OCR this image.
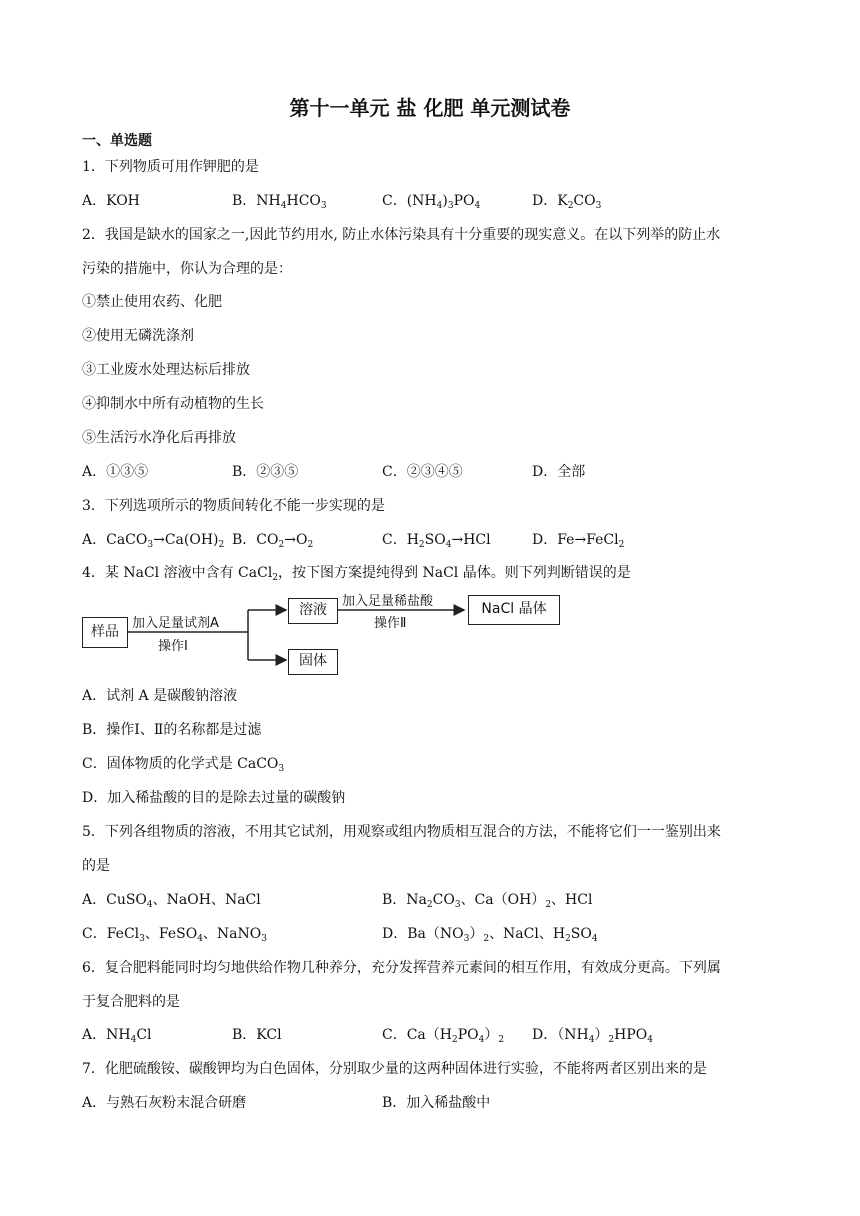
第十一单元 盐 化肥 单元测试卷
一、单选题
1．下列物质可用作钾肥的是
A．KOH	B．$NH_4HCO_3$	C．$(NH_4)_3PO_4$	D．$K_2CO_3$
2．我国是缺水的国家之一,因此节约用水, 防止水体污染具有十分重要的现实意义。在以下列举的防止水
污染的措施中，你认为合理的是：
①禁止使用农药、化肥
②使用无磷洗涤剂
③工业废水处理达标后排放
④抑制水中所有动植物的生长
⑤生活污水净化后再排放
A．①③⑤	B．②③⑤	C．②③④⑤	D．全部
3．下列选项所示的物质间转化不能一步实现的是
A．$CaCO_3\to Ca(OH)_2$ B．$CO_2\to O_2$	C．$H_2SO_4\to HCl$	D．Fe→FeCl$_2$
4．某 NaCl 溶液中含有 CaCl$_2$，按下图方案提纯得到 NaCl 晶体。则下列判断错误的是
样品
加入足量试剂A
操作Ⅰ
溶液
加入足量稀盐酸
操作Ⅱ
NaCl 晶体
固体
A．试剂 A 是碳酸钠溶液
B．操作Ⅰ、Ⅱ的名称都是过滤
C．固体物质的化学式是 CaCO$_3$
D．加入稀盐酸的目的是除去过量的碳酸钠
5．下列各组物质的溶液，不用其它试剂，用观察或组内物质相互混合的方法，不能将它们一一鉴别出来
的是
A．CuSO$_4$、NaOH、NaCl	B．$Na_2CO_3$、$Ca(OH)_2$、HCl
C．FeCl$_3$、FeSO$_4$、NaNO$_3$	D．$Ba(NO_3)_2$、NaCl、$H_2SO_4$
6．复合肥料能同时均匀地供给作物几种养分，充分发挥营养元素间的相互作用，有效成分更高。下列属
于复合肥料的是
A．$NH_4Cl$	B．KCl	C．$Ca(H_2PO_4)_2$ D．$(NH_4)_2HPO_4$
7．化肥硫酸铵、碳酸钾均为白色固体，分别取少量的这两种固体进行实验，不能将两者区别出来的是
A．与熟石灰粉末混合研磨	B．加入稀盐酸中
